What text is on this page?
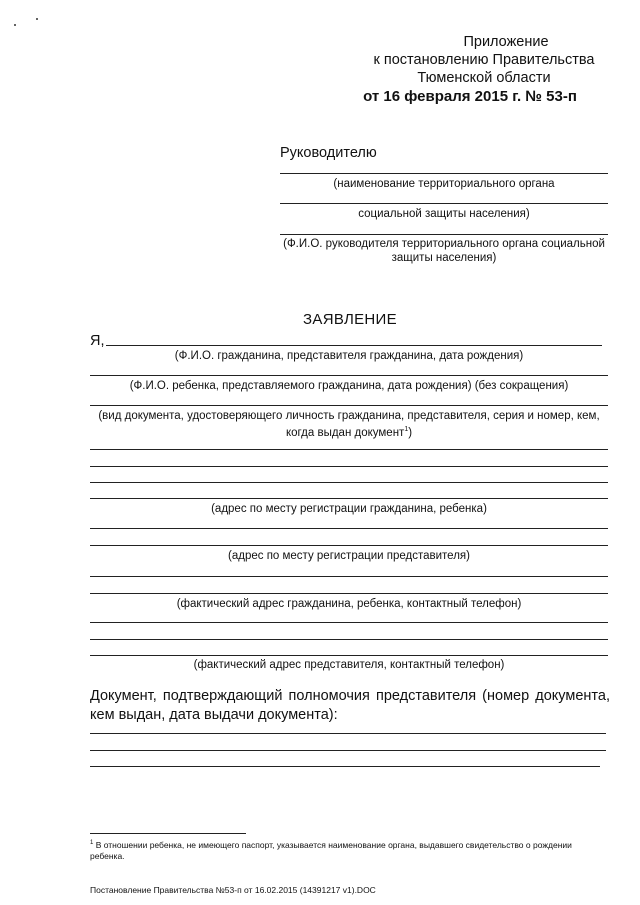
Приложение
к постановлению Правительства
Тюменской области
от 16 февраля 2015 г. № 53-п
Руководителю
(наименование территориального органа
социальной защиты населения)
(Ф.И.О. руководителя территориального органа социальной защиты населения)
ЗАЯВЛЕНИЕ
Я,
(Ф.И.О. гражданина, представителя гражданина, дата рождения)
(Ф.И.О. ребенка, представляемого гражданина, дата рождения) (без сокращения)
(вид документа, удостоверяющего личность гражданина, представителя, серия и номер, кем, когда выдан документ$^1$)
(адрес по месту регистрации гражданина, ребенка)
(адрес по месту регистрации представителя)
(фактический адрес гражданина, ребенка, контактный телефон)
(фактический адрес представителя, контактный телефон)
Документ, подтверждающий полномочия представителя (номер документа, кем выдан, дата выдачи документа):
$^1$ В отношении ребенка, не имеющего паспорт, указывается наименование органа, выдавшего свидетельство о рождении ребенка.
Постановление Правительства №53-п от 16.02.2015 (14391217 v1).DOC
